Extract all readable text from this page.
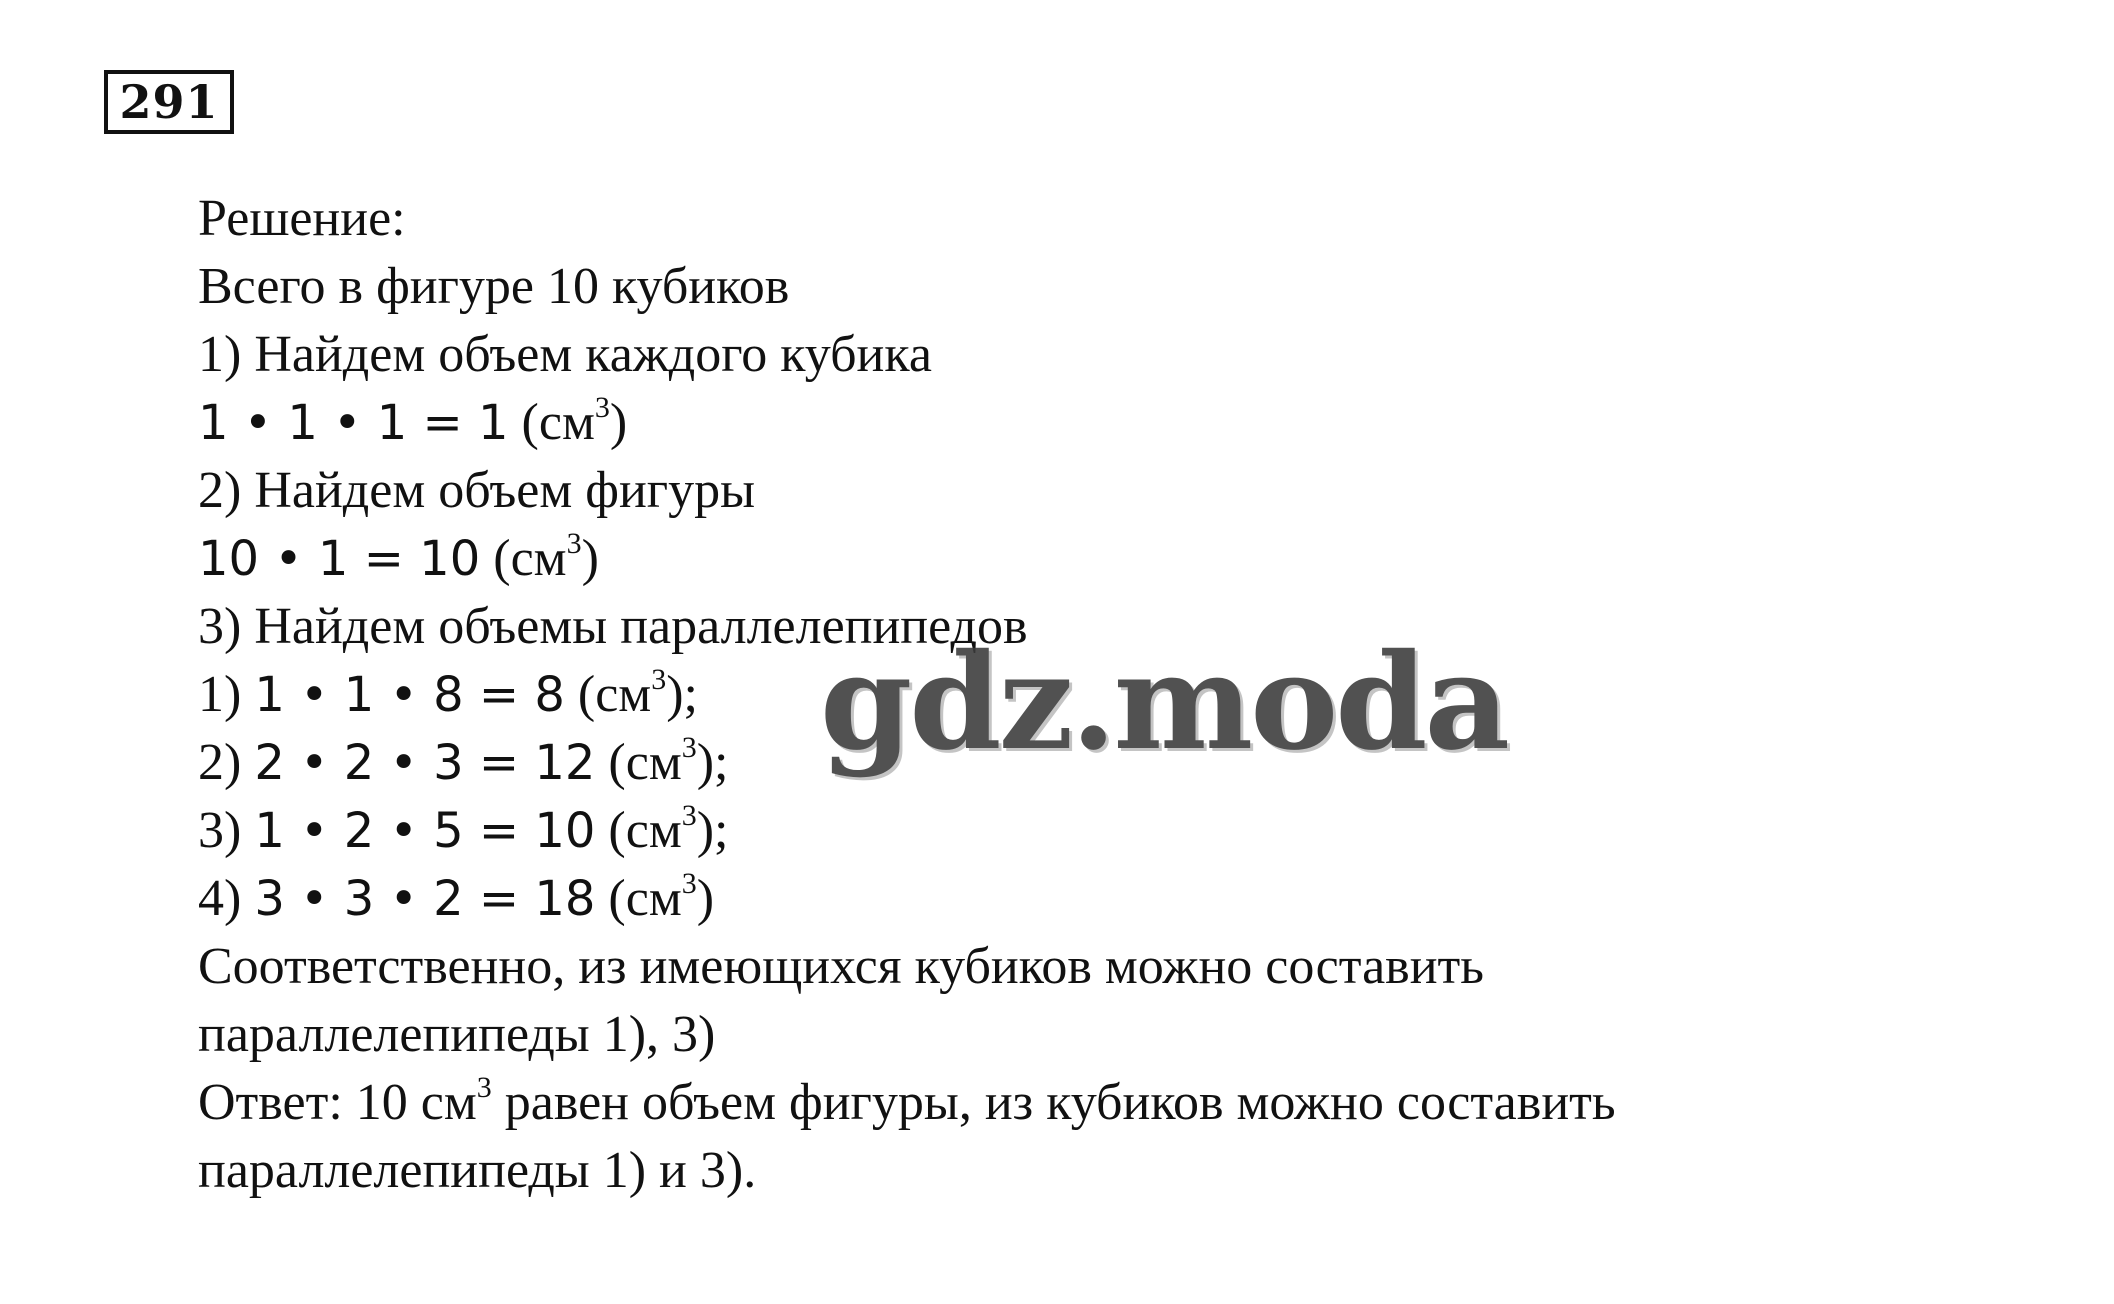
291
Решение:
Всего в фигуре 10 кубиков
1) Найдем объем каждого кубика
1 • 1 • 1 = 1 $(см^3)$
2) Найдем объем фигуры
10 • 1 = 10 $(см^3)$
3) Найдем объемы параллелепипедов
1) 1 • 1 • 8 = 8 $(см^3)$;
2) 2 • 2 • 3 = 12 $(см^3)$;
3) 1 • 2 • 5 = 10 $(см^3)$;
4) 3 • 3 • 2 = 18 $(см^3)$
Соответственно, из имеющихся кубиков можно составить
параллелепипеды 1), 3)
Ответ: 10 $см^3$ равен объем фигуры, из кубиков можно составить
параллелепипеды 1) и 3).
gdz.moda
